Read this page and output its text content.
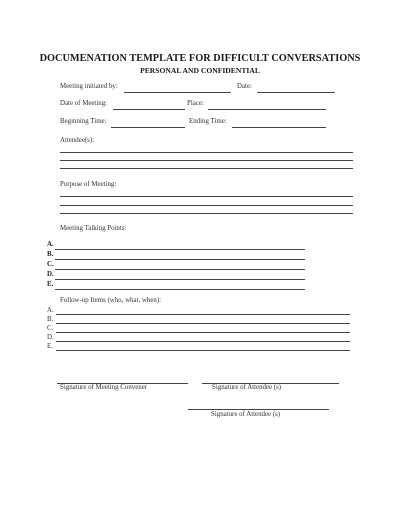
DOCUMENATION TEMPLATE FOR DIFFICULT CONVERSATIONS
PERSONAL AND CONFIDENTIAL
Meeting initiated by:	Date:
Date of Meeting:	Place:
Beginning Time:	Ending Time:
Attendee(s):
Purpose of Meeting:
Meeting Talking Points:
A.
B.
C.
D.
E.
Follow-up Items (who, what, when):
A.
B.
C.
D.
E.
Signature of Meeting Convener	Signature of Attendee (s)
Signature of Attendee (s)
